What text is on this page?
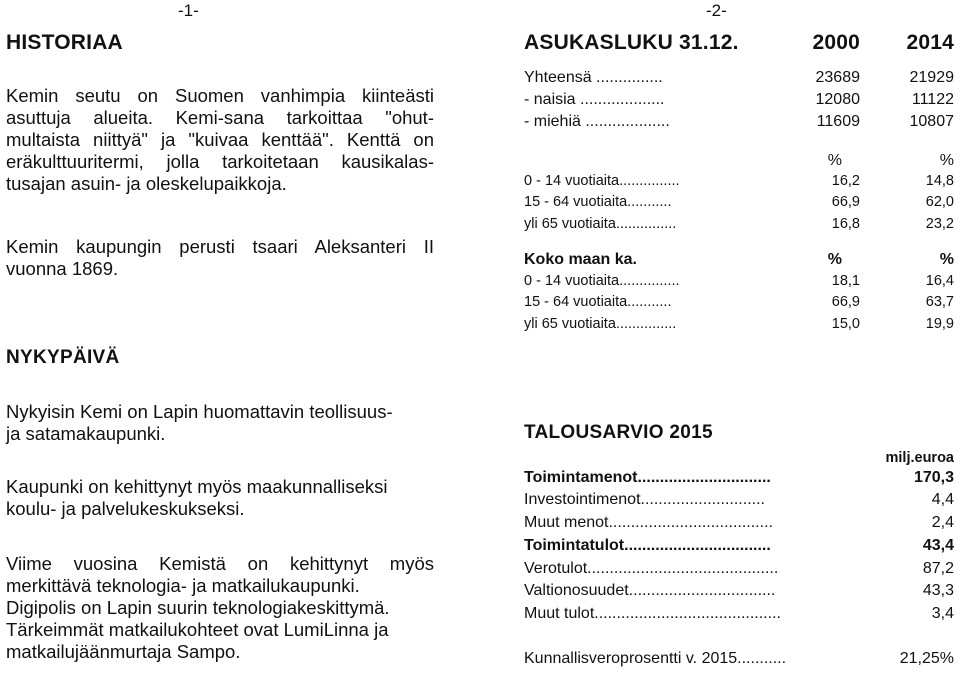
-1-	-2-
HISTORIAA
Kemin seutu on Suomen vanhimpia kiinteästi
asuttuja alueita. Kemi-sana tarkoittaa "ohut-
multaista niittyä" ja "kuivaa kenttää". Kenttä on
eräkulttuuritermi, jolla tarkoitetaan kausikalas-
tusajan asuin- ja oleskelupaikkoja.
Kemin kaupungin perusti tsaari Aleksanteri II
vuonna 1869.
NYKYPÄIVÄ
Nykyisin Kemi on Lapin huomattavin teollisuus-
ja satamakaupunki.
Kaupunki on kehittynyt myös maakunnalliseksi
koulu- ja palvelukeskukseksi.
Viime vuosina Kemistä on kehittynyt myös
merkittävä teknologia- ja matkailukaupunki.
Digipolis on Lapin suurin teknologiakeskittymä.
Tärkeimmät matkailukohteet ovat LumiLinna ja
matkailujäänmurtaja Sampo.
ASUKASLUKU 31.12.	2000 2014
Yhteensä ...............	23689	21929
- naisia ...................	12080	11122
- miehiä ...................	11609	10807
%	%
0 - 14 vuotiaita...............	16,2	14,8
15 - 64 vuotiaita...........	66,9	62,0
yli 65 vuotiaita...............	16,8	23,2
Koko maan ka.	%	%
0 - 14 vuotiaita...............	18,1	16,4
15 - 64 vuotiaita...........	66,9	63,7
yli 65 vuotiaita...............	15,0	19,9
TALOUSARVIO 2015
milj.euroa
Toimintamenot..............................	170,3
Investointimenot............................	4,4
Muut menot.....................................	2,4
Toimintatulot.................................	43,4
Verotulot...........................................	87,2
Valtionosuudet.................................	43,3
Muut tulot..........................................	3,4
Kunnallisveroprosentti v. 2015...........	21,25%
